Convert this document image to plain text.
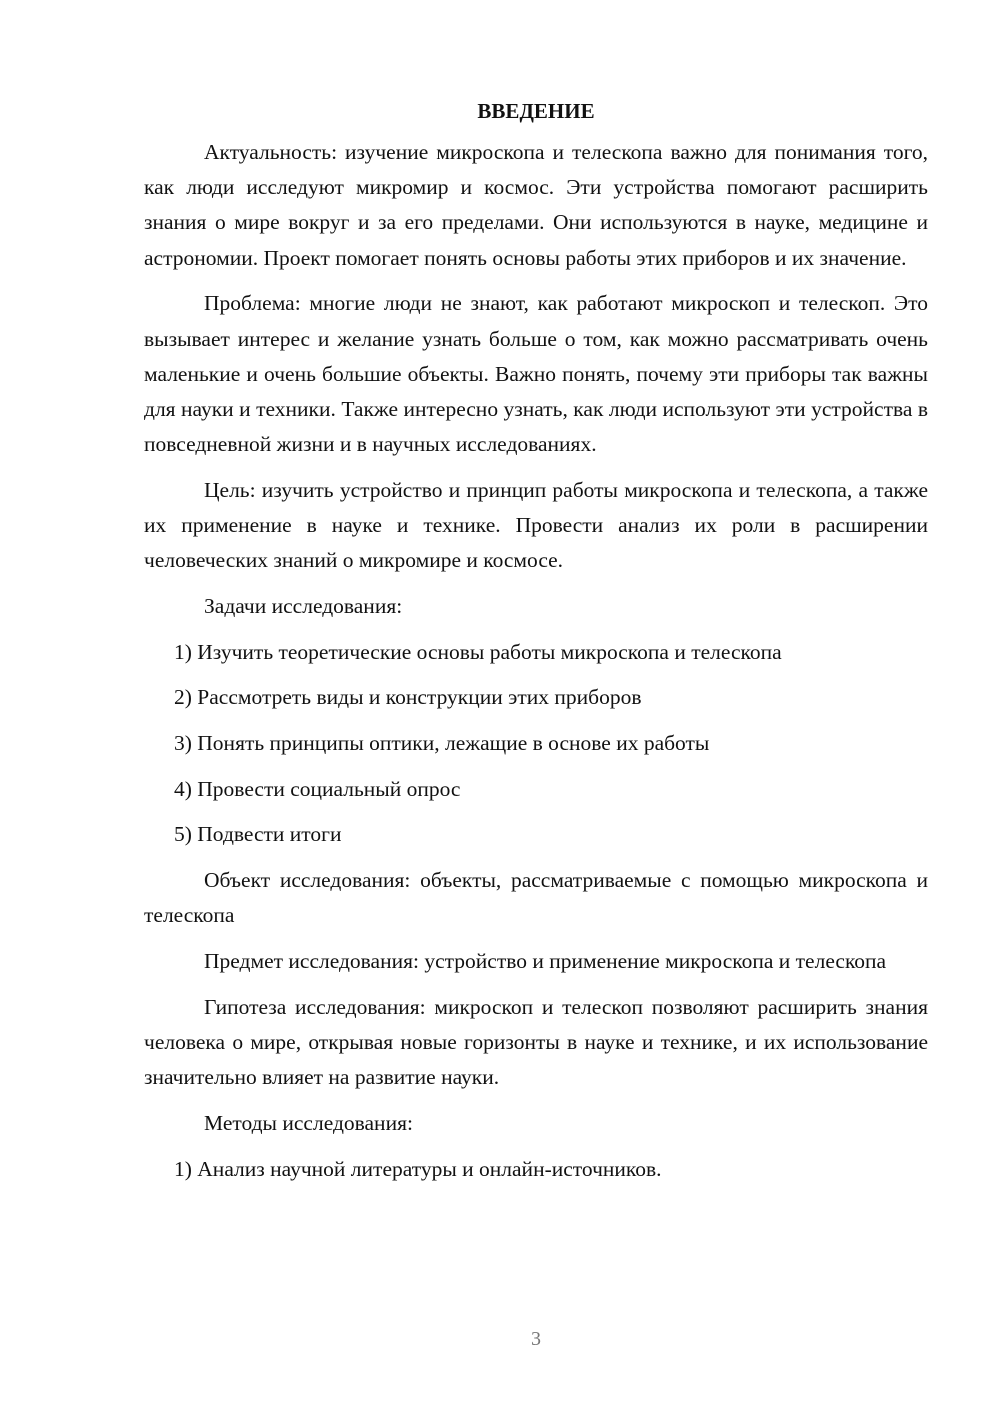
ВВЕДЕНИЕ

Актуальность: изучение микроскопа и телескопа важно для понимания того, как люди исследуют микромир и космос. Эти устройства помогают расширить знания о мире вокруг и за его пределами. Они используются в науке, медицине и астрономии. Проект помогает понять основы работы этих приборов и их значение.

Проблема: многие люди не знают, как работают микроскоп и телескоп. Это вызывает интерес и желание узнать больше о том, как можно рассматривать очень маленькие и очень большие объекты. Важно понять, почему эти приборы так важны для науки и техники. Также интересно узнать, как люди используют эти устройства в повседневной жизни и в научных исследованиях.

Цель: изучить устройство и принцип работы микроскопа и телескопа, а также их применение в науке и технике. Провести анализ их роли в расширении человеческих знаний о микромире и космосе.

Задачи исследования:

1) Изучить теоретические основы работы микроскопа и телескопа

2) Рассмотреть виды и конструкции этих приборов

3) Понять принципы оптики, лежащие в основе их работы

4) Провести социальный опрос

5) Подвести итоги

Объект исследования: объекты, рассматриваемые с помощью микроскопа и телескопа

Предмет исследования: устройство и применение микроскопа и телескопа

Гипотеза исследования: микроскоп и телескоп позволяют расширить знания человека о мире, открывая новые горизонты в науке и технике, и их использование значительно влияет на развитие науки.

Методы исследования:

1) Анализ научной литературы и онлайн-источников.

3
